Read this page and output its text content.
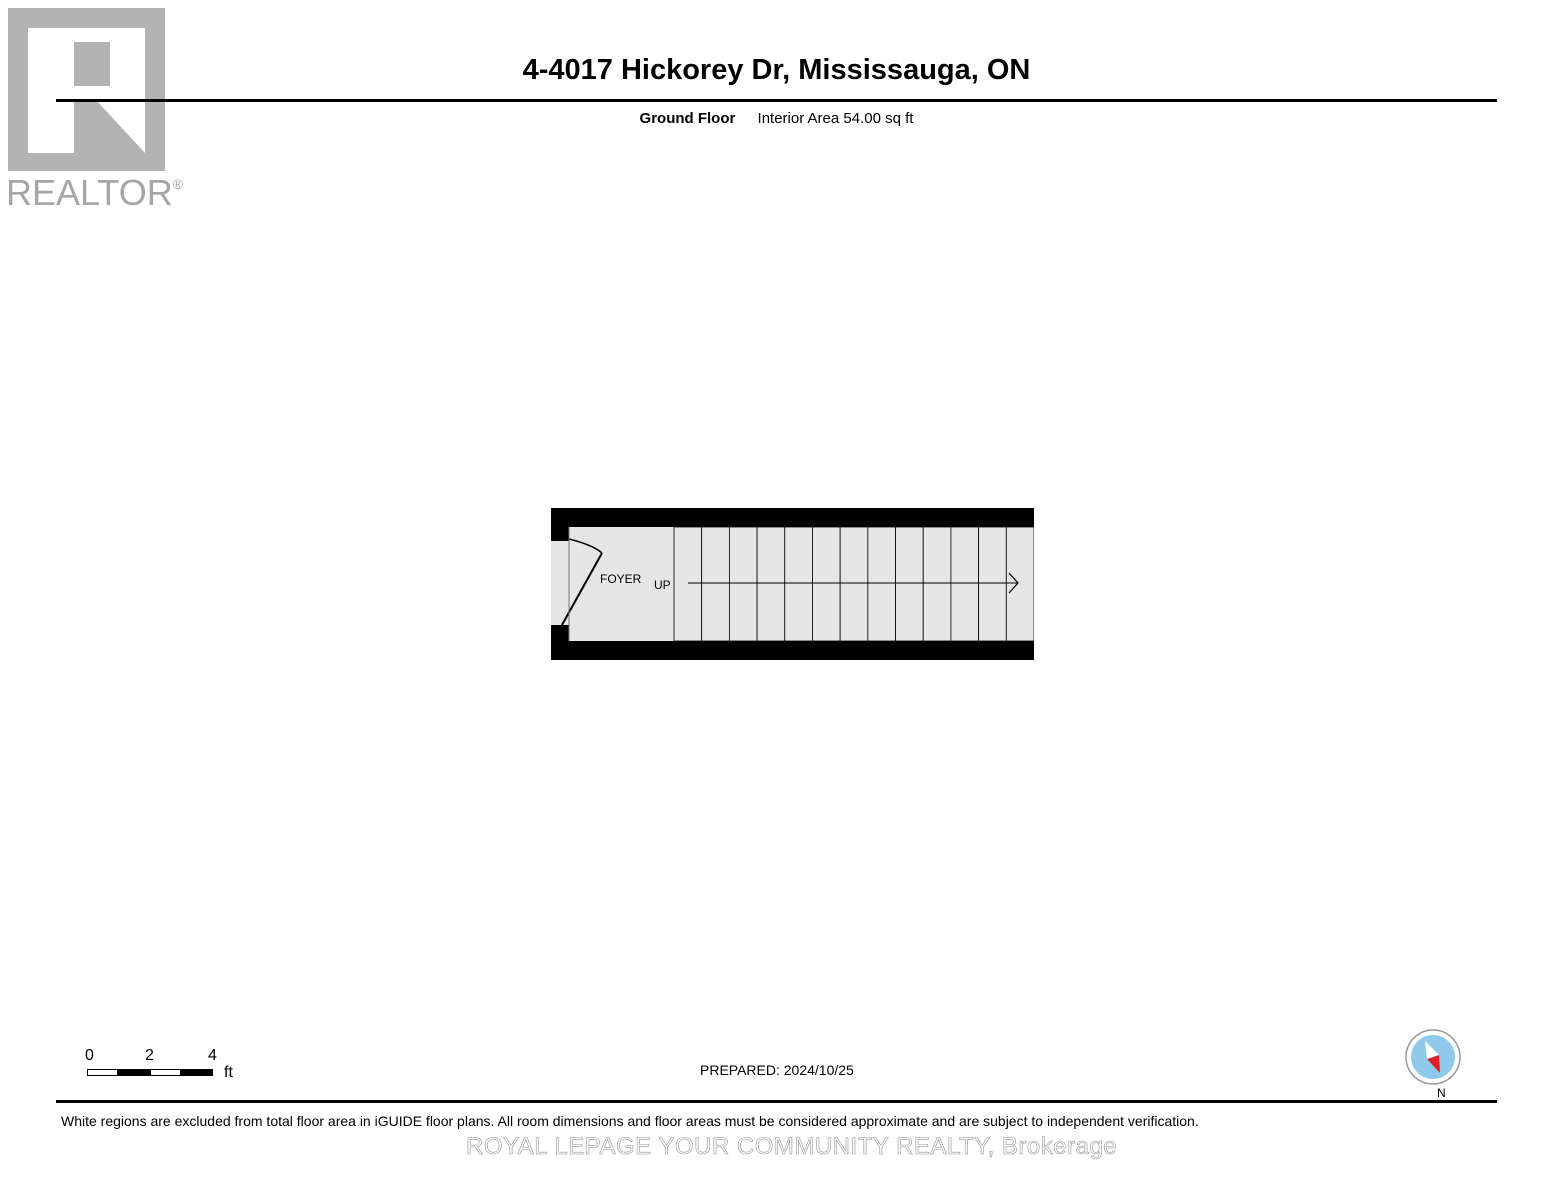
REALTOR®
4-4017 Hickorey Dr, Mississauga, ON
Ground Floor Interior Area 54.00 sq ft
FOYER UP
0	2	4
ft	PREPARED: 2024/10/25
N
White regions are excluded from total floor area in iGUIDE floor plans. All room dimensions and floor areas must be considered approximate and are subject to independent verification.
ROYAL LEPAGE YOUR COMMUNITY REALTY, Brokerage
